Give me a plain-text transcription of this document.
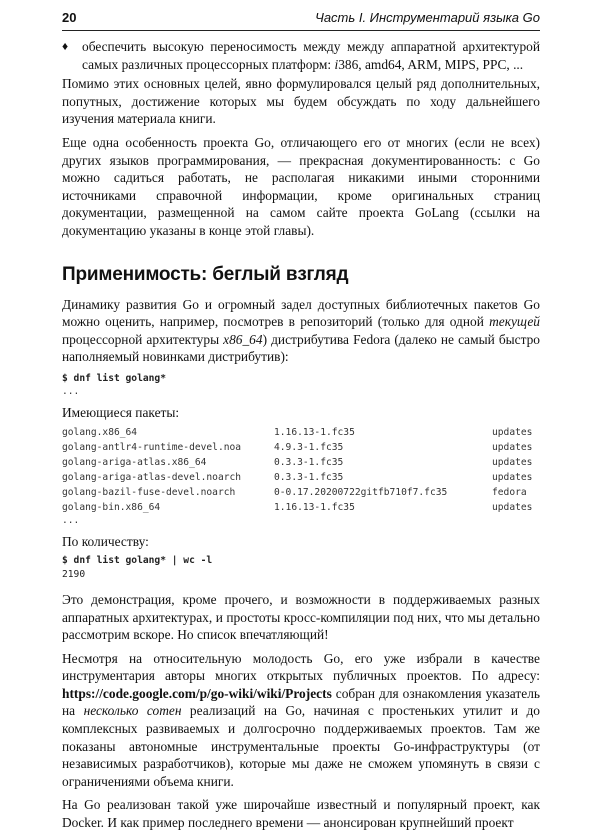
20	Часть I. Инструментарий языка Go

♦ обеспечить высокую переносимость между между аппаратной архитектурой самых различных процессорных платформ: i386, amd64, ARM, MIPS, PPC, ...

Помимо этих основных целей, явно формулировался целый ряд дополнительных, попутных, достижение которых мы будем обсуждать по ходу дальнейшего изучения материала книги.

Еще одна особенность проекта Go, отличающего его от многих (если не всех) других языков программирования, — прекрасная документированность: с Go можно садиться работать, не располагая никакими иными сторонними источниками справочной информации, кроме оригинальных страниц документации, размещенной на самом сайте проекта GoLang (ссылки на документацию указаны в конце этой главы).

Применимость: беглый взгляд

Динамику развития Go и огромный задел доступных библиотечных пакетов Go можно оценить, например, посмотрев в репозиторий (только для одной текущей процессорной архитектуры x86_64) дистрибутива Fedora (далеко не самый быстро наполняемый новинками дистрибутив):

$ dnf list golang*
...
Имеющиеся пакеты:
golang.x86_64	1.16.13-1.fc35	updates
golang-antlr4-runtime-devel.noa	4.9.3-1.fc35	updates
golang-ariga-atlas.x86_64	0.3.3-1.fc35	updates
golang-ariga-atlas-devel.noarch	0.3.3-1.fc35	updates
golang-bazil-fuse-devel.noarch	0-0.17.20200722gitfb710f7.fc35	fedora
golang-bin.x86_64	1.16.13-1.fc35	updates
...
По количеству:
$ dnf list golang* | wc -l
2190

Это демонстрация, кроме прочего, и возможности в поддерживаемых разных аппаратных архитектурах, и простоты кросс-компиляции под них, что мы детально рассмотрим вскоре. Но список впечатляющий!

Несмотря на относительную молодость Go, его уже избрали в качестве инструментария авторы многих открытых публичных проектов. По адресу: https://code.google.com/p/go-wiki/wiki/Projects собран для ознакомления указатель на несколько сотен реализаций на Go, начиная с простеньких утилит и до комплексных развиваемых и долгосрочно поддерживаемых проектов. Там же показаны автономные инструментальные проекты Go-инфраструктуры (от независимых разработчиков), которые мы даже не сможем упомянуть в связи с ограничениями объема книги.

На Go реализован такой уже широчайше известный и популярный проект, как Docker. И как пример последнего времени — анонсирован крупнейший проект
